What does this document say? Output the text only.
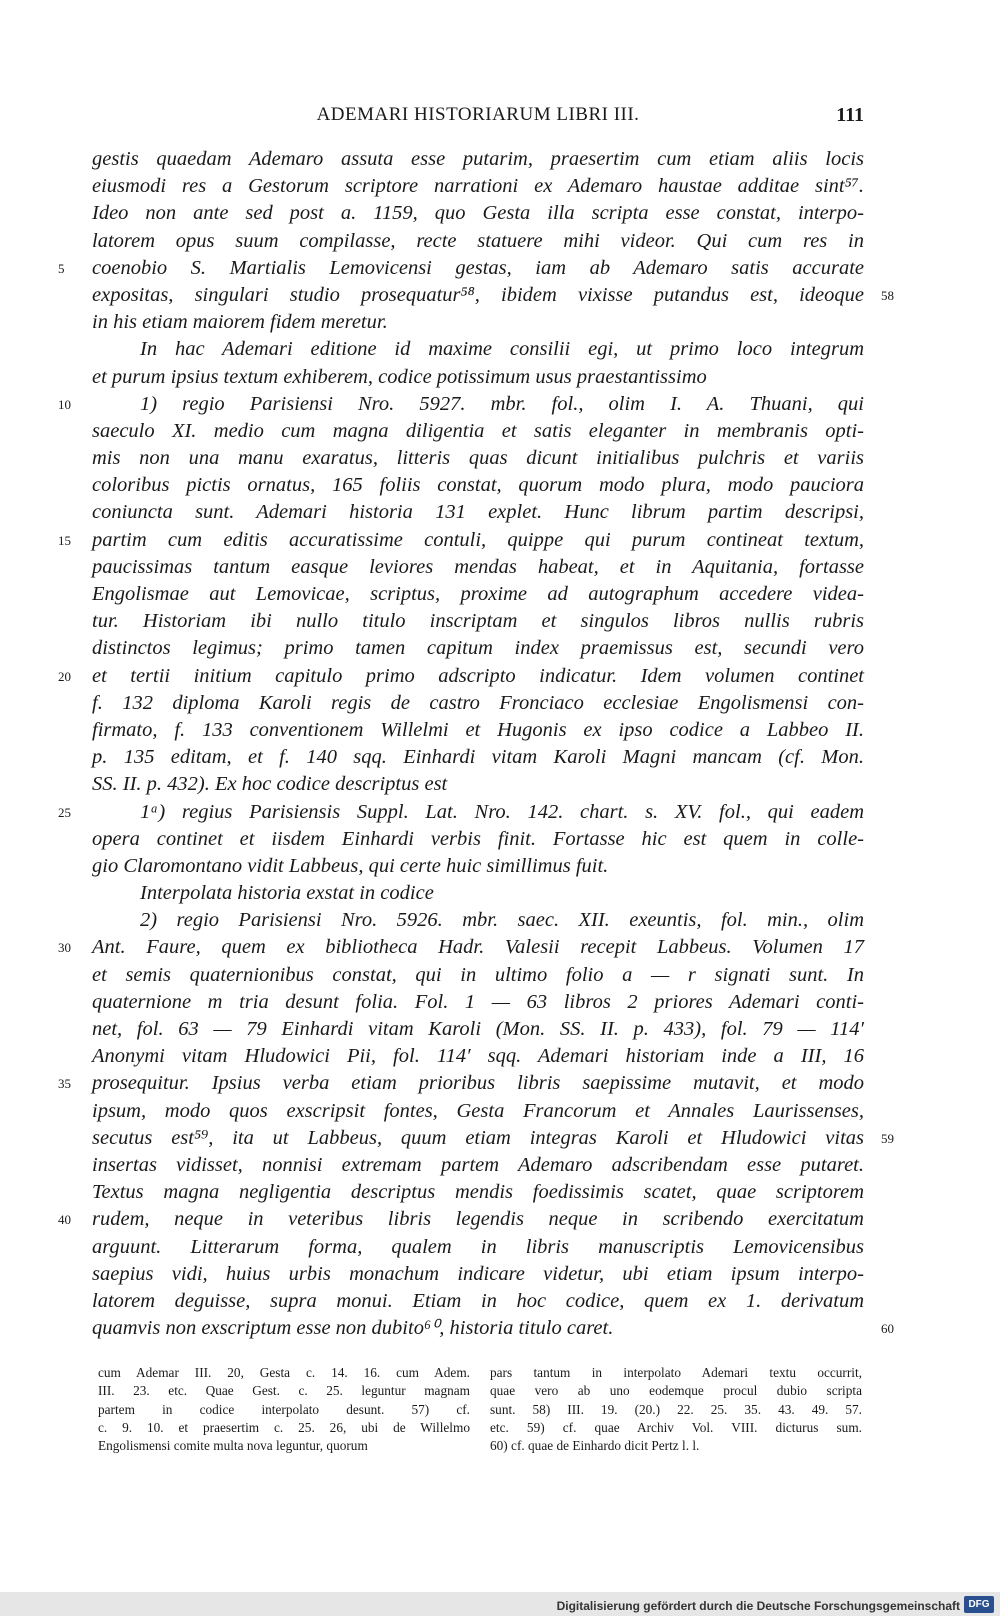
ADEMARI HISTORIARUM LIBRI III.	111
gestis quaedam Ademaro assuta esse putarim, praesertim cum etiam aliis locis
eiusmodi res a Gestorum scriptore narrationi ex Ademaro haustae additae sint⁵⁷.
Ideo non ante sed post a. 1159, quo Gesta illa scripta esse constat, interpo-
latorem opus suum compilasse, recte statuere mihi videor. Qui cum res in
coenobio S. Martialis Lemovicensi gestas, iam ab Ademaro satis accurate
5
expositas, singulari studio prosequatur⁵⁸, ibidem vixisse putandus est, ideoque 58
in his etiam maiorem fidem meretur.
In hac Ademari editione id maxime consilii egi, ut primo loco integrum
et purum ipsius textum exhiberem, codice potissimum usus praestantissimo
1) regio Parisiensi Nro. 5927. mbr. fol., olim I. A. Thuani, qui
10
saeculo XI. medio cum magna diligentia et satis eleganter in membranis opti-
mis non una manu exaratus, litteris quas dicunt initialibus pulchris et variis
coloribus pictis ornatus, 165 foliis constat, quorum modo plura, modo pauciora
coniuncta sunt. Ademari historia 131 explet. Hunc librum partim descripsi,
partim cum editis accuratissime contuli, quippe qui purum contineat textum,
15
paucissimas tantum easque leviores mendas habeat, et in Aquitania, fortasse
Engolismae aut Lemovicae, scriptus, proxime ad autographum accedere videa-
tur. Historiam ibi nullo titulo inscriptam et singulos libros nullis rubris
distinctos legimus; primo tamen capitum index praemissus est, secundi vero
et tertii initium capitulo primo adscripto indicatur. Idem volumen continet
20
f. 132 diploma Karoli regis de castro Fronciaco ecclesiae Engolismensi con-
firmato, f. 133 conventionem Willelmi et Hugonis ex ipso codice a Labbeo II.
p. 135 editam, et f. 140 sqq. Einhardi vitam Karoli Magni mancam (cf. Mon.
SS. II. p. 432). Ex hoc codice descriptus est
1ᵃ) regius Parisiensis Suppl. Lat. Nro. 142. chart. s. XV. fol., qui eadem
25
opera continet et iisdem Einhardi verbis finit. Fortasse hic est quem in colle-
gio Claromontano vidit Labbeus, qui certe huic simillimus fuit.
Interpolata historia exstat in codice
2) regio Parisiensi Nro. 5926. mbr. saec. XII. exeuntis, fol. min., olim
Ant. Faure, quem ex bibliotheca Hadr. Valesii recepit Labbeus. Volumen 17
30
et semis quaternionibus constat, qui in ultimo folio a — r signati sunt. In
quaternione m tria desunt folia. Fol. 1 — 63 libros 2 priores Ademari conti-
net, fol. 63 — 79 Einhardi vitam Karoli (Mon. SS. II. p. 433), fol. 79 — 114′
Anonymi vitam Hludowici Pii, fol. 114′ sqq. Ademari historiam inde a III, 16
prosequitur. Ipsius verba etiam prioribus libris saepissime mutavit, et modo
35
ipsum, modo quos exscripsit fontes, Gesta Francorum et Annales Laurissenses,
secutus est⁵⁹, ita ut Labbeus, quum etiam integras Karoli et Hludowici vitas 59
insertas vidisset, nonnisi extremam partem Ademaro adscribendam esse putaret.
Textus magna negligentia descriptus mendis foedissimis scatet, quae scriptorem
rudem, neque in veteribus libris legendis neque in scribendo exercitatum
40
arguunt. Litterarum forma, qualem in libris manuscriptis Lemovicensibus
saepius vidi, huius urbis monachum indicare videtur, ubi etiam ipsum interpo-
latorem deguisse, supra monui. Etiam in hoc codice, quem ex 1. derivatum
quamvis non exscriptum esse non dubito⁶⁰, historia titulo caret.	60
cum Ademar III. 20, Gesta c. 14. 16. cum Adem.
III. 23. etc. Quae Gest. c. 25. leguntur magnam
partem in codice interpolato desunt. 57) cf.
c. 9. 10. et praesertim c. 25. 26, ubi de Willelmo
Engolismensi comite multa nova leguntur, quorum
pars tantum in interpolato Ademari textu occurrit,
quae vero ab uno eodemque procul dubio scripta
sunt. 58) III. 19. (20.) 22. 25. 35. 43. 49. 57.
etc. 59) cf. quae Archiv Vol. VIII. dicturus sum.
60) cf. quae de Einhardo dicit Pertz l. l.
Digitalisierung gefördert durch die Deutsche Forschungsgemeinschaft DFG
